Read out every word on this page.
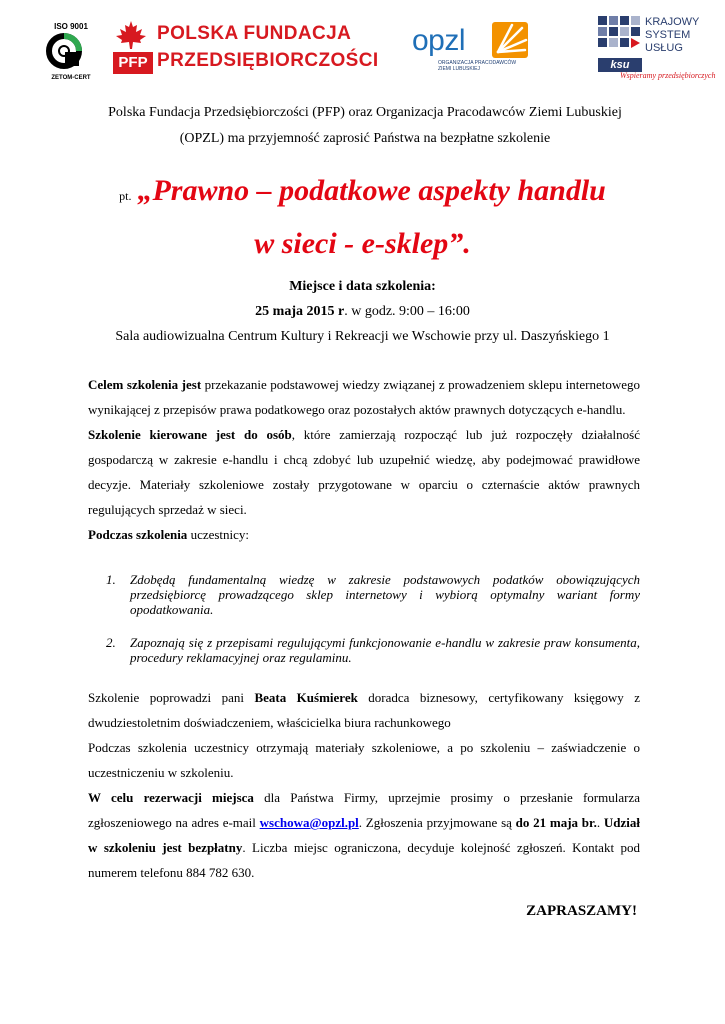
ISO 9001
ZETOM-CERT
PFP
POLSKA FUNDACJA
PRZEDSIĘBIORCZOŚCI
opzl
ORGANIZACJA PRACODAWCÓW
ZIEMI LUBUSKIEJ
KRAJOWY
SYSTEM
USŁUG
ksu
Wspieramy przedsiębiorczych
Polska Fundacja Przedsiębiorczości (PFP) oraz Organizacja Pracodawców Ziemi Lubuskiej
(OPZL) ma przyjemność zaprosić Państwa na bezpłatne szkolenie
pt. „Prawno – podatkowe aspekty handlu
w sieci - e-sklep”.
Miejsce i data szkolenia:
25 maja 2015 r. w godz. 9:00 – 16:00
Sala audiowizualna Centrum Kultury i Rekreacji we Wschowie przy ul. Daszyńskiego 1

Celem szkolenia jest przekazanie podstawowej wiedzy związanej z prowadzeniem sklepu internetowego wynikającej z przepisów prawa podatkowego oraz pozostałych aktów prawnych dotyczących e-handlu.

Szkolenie kierowane jest do osób, które zamierzają rozpocząć lub już rozpoczęły działalność gospodarczą w zakresie e-handlu i chcą zdobyć lub uzupełnić wiedzę, aby podejmować prawidłowe decyzje. Materiały szkoleniowe zostały przygotowane w oparciu o czternaście aktów prawnych regulujących sprzedaż w sieci.

Podczas szkolenia uczestnicy:

1. Zdobędą fundamentalną wiedzę w zakresie podstawowych podatków obowiązujących przedsiębiorcę prowadzącego sklep internetowy i wybiorą optymalny wariant formy opodatkowania.

2. Zapoznają się z przepisami regulującymi funkcjonowanie e-handlu w zakresie praw konsumenta, procedury reklamacyjnej oraz regulaminu.

Szkolenie poprowadzi pani Beata Kuśmierek doradca biznesowy, certyfikowany księgowy z dwudziestoletnim doświadczeniem, właścicielka biura rachunkowego

Podczas szkolenia uczestnicy otrzymają materiały szkoleniowe, a po szkoleniu – zaświadczenie o uczestniczeniu w szkoleniu.

W celu rezerwacji miejsca dla Państwa Firmy, uprzejmie prosimy o przesłanie formularza zgłoszeniowego na adres e-mail wschowa@opzl.pl. Zgłoszenia przyjmowane są do 21 maja br.. Udział w szkoleniu jest bezpłatny. Liczba miejsc ograniczona, decyduje kolejność zgłoszeń. Kontakt pod numerem telefonu 884 782 630.

ZAPRASZAMY!
